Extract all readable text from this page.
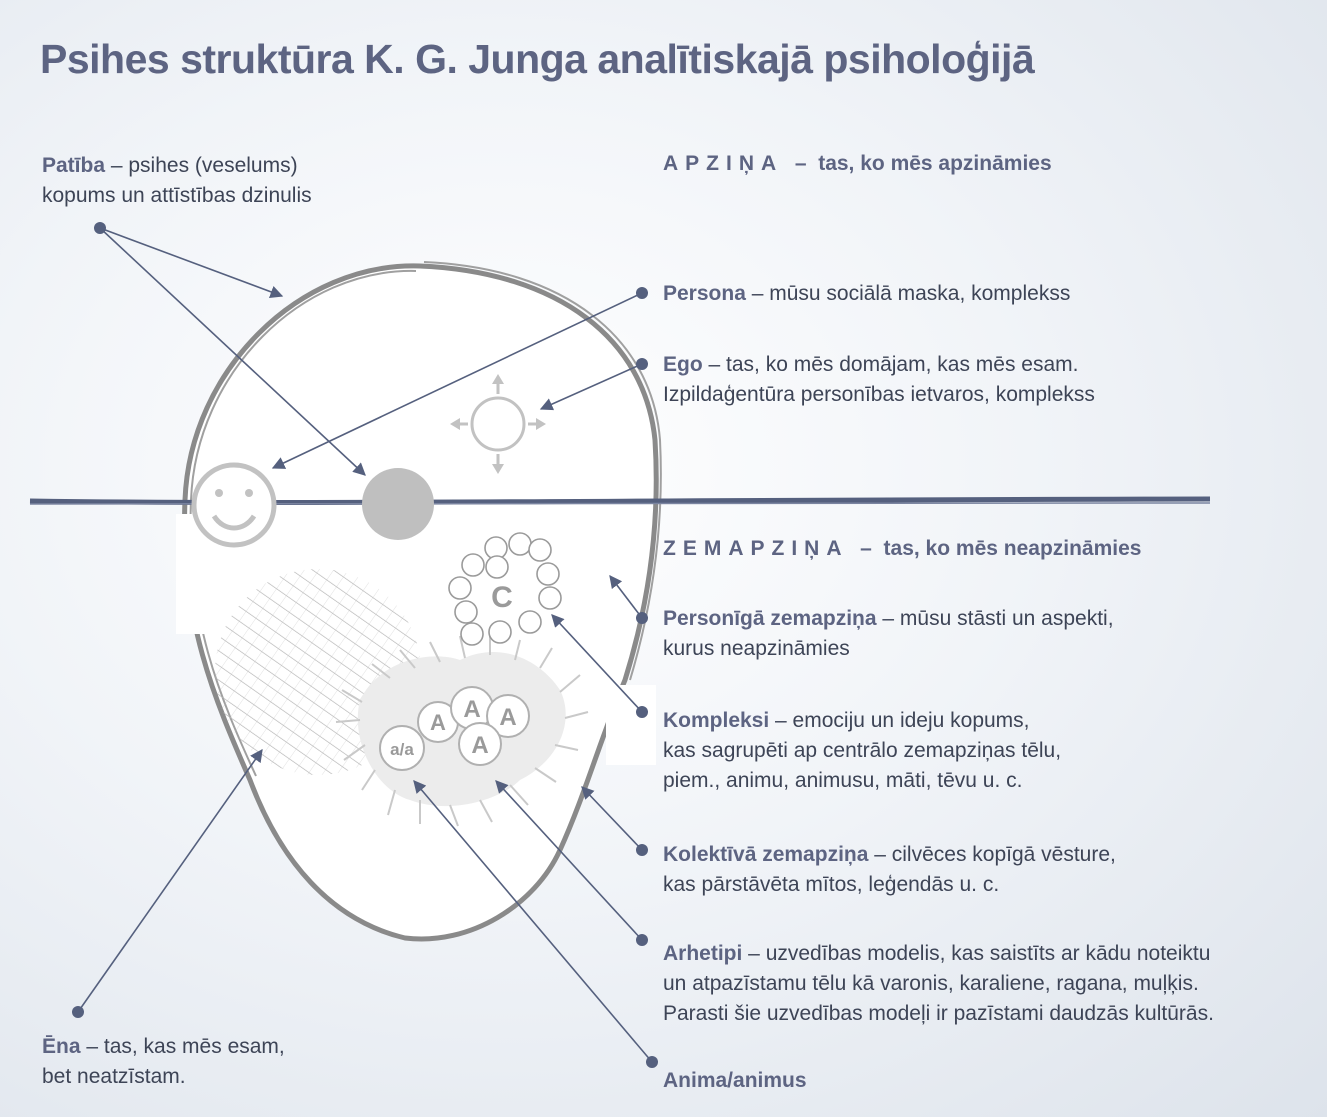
Psihes struktūra K. G. Junga analītiskajā psiholoģijā
C
A A A
A
a/a
APZIŅA – tas, ko mēs apzināmies
ZEMAPZIŅA – tas, ko mēs neapzināmies
Patība – psihes (veselums)
kopums un attīstības dzinulis
Ēna – tas, kas mēs esam,
bet neatzīstam.
Persona – mūsu sociālā maska, komplekss
Ego – tas, ko mēs domājam, kas mēs esam.
Izpildaģentūra personības ietvaros, komplekss
Personīgā zemapziņa – mūsu stāsti un aspekti,
kurus neapzināmies
Kompleksi – emociju un ideju kopums,
kas sagrupēti ap centrālo zemapziņas tēlu,
piem., animu, animusu, māti, tēvu u. c.
Kolektīvā zemapziņa – cilvēces kopīgā vēsture,
kas pārstāvēta mītos, leģendās u. c.
Arhetipi – uzvedības modelis, kas saistīts ar kādu noteiktu
un atpazīstamu tēlu kā varonis, karaliene, ragana, muļķis.
Parasti šie uzvedības modeļi ir pazīstami daudzās kultūrās.
Anima/animus
